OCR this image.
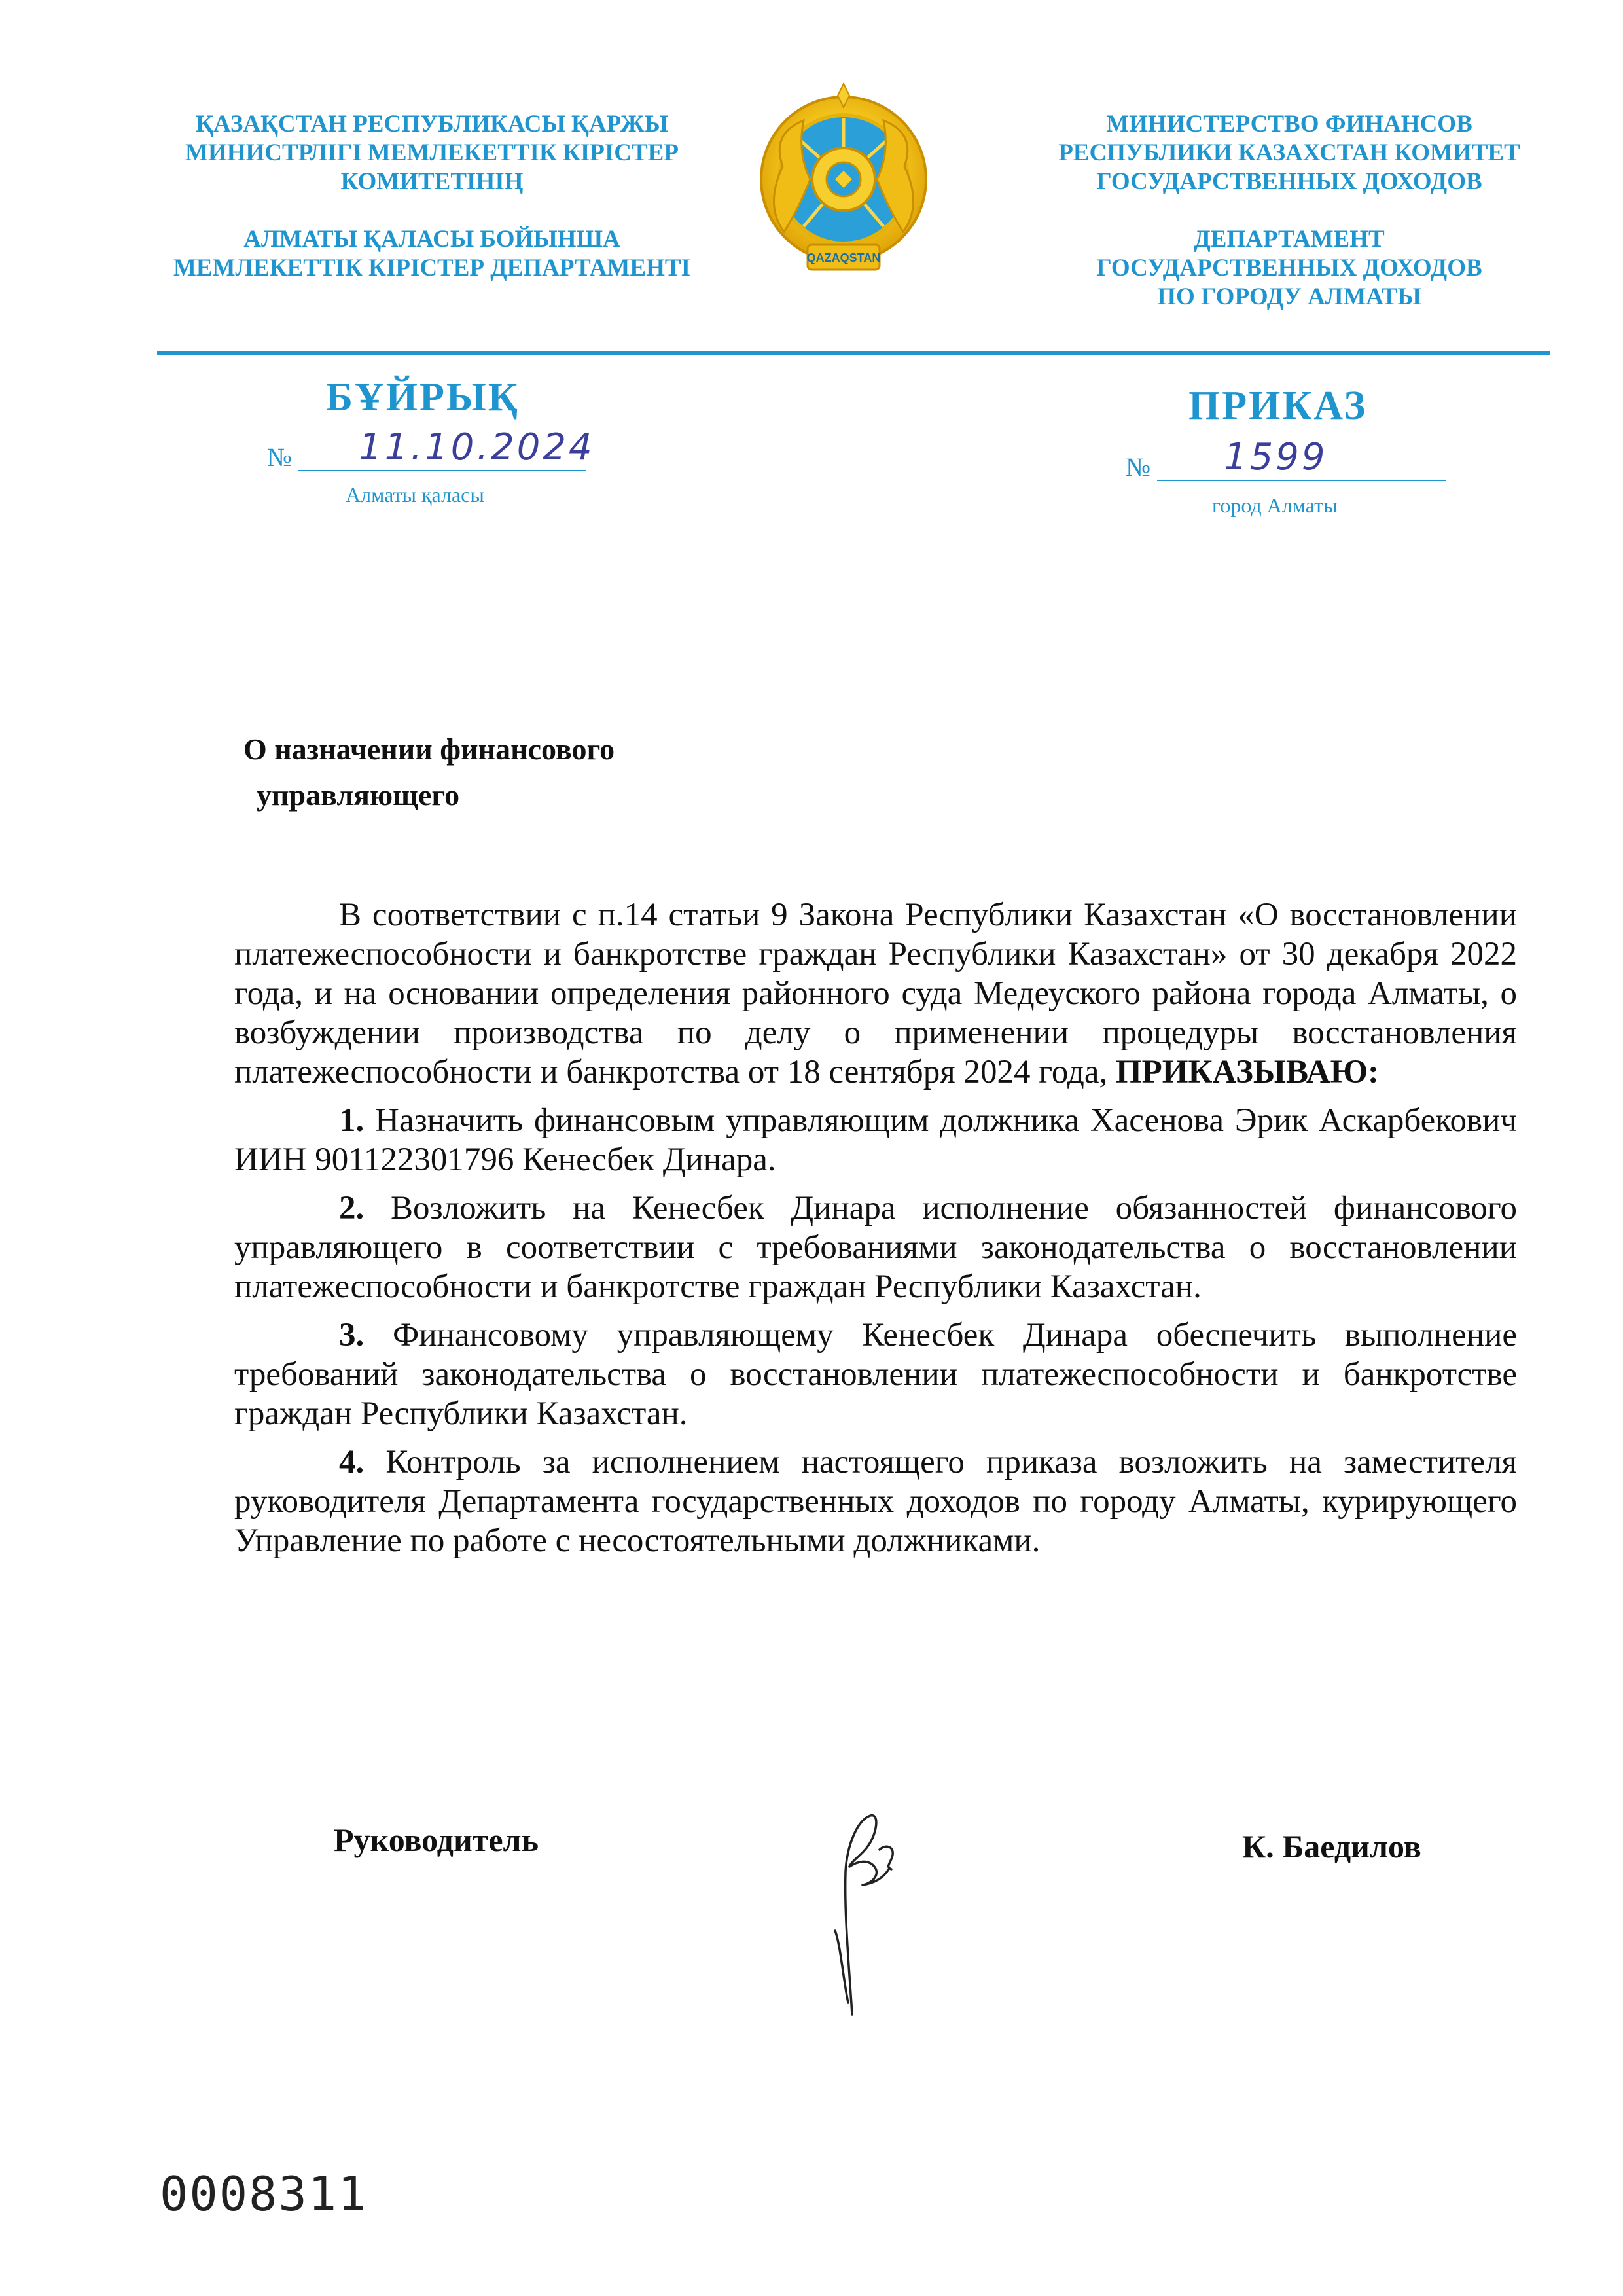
ҚАЗАҚСТАН РЕСПУБЛИКАСЫ ҚАРЖЫ
МИНИСТРЛІГІ МЕМЛЕКЕТТІК КІРІСТЕР
КОМИТЕТІНІҢ
АЛМАТЫ ҚАЛАСЫ БОЙЫНША
МЕМЛЕКЕТТІК КІРІСТЕР ДЕПАРТАМЕНТІ	QAZAQSTAN
МИНИСТЕРСТВО ФИНАНСОВ
РЕСПУБЛИКИ КАЗАХСТАН КОМИТЕТ
ГОСУДАРСТВЕННЫХ ДОХОДОВ
ДЕПАРТАМЕНТ
ГОСУДАРСТВЕННЫХ ДОХОДОВ
ПО ГОРОДУ АЛМАТЫ
БҰЙРЫҚ	ПРИКАЗ
№ 11.10.2024	№ 1599
Алматы қаласы	город Алматы
О назначении финансового
управляющего

В соответствии с п.14 статьи 9 Закона Республики Казахстан «О восстановлении платежеспособности и банкротстве граждан Республики Казахстан» от 30 декабря 2022 года, и на основании определения районного суда Медеуского района города Алматы, о возбуждении производства по делу о применении процедуры восстановления платежеспособности и банкротства от 18 сентября 2024 года, ПРИКАЗЫВАЮ:

1. Назначить финансовым управляющим должника Хасенова Эрик Аскарбекович ИИН 901122301796 Кенесбек Динара.

2. Возложить на Кенесбек Динара исполнение обязанностей финансового управляющего в соответствии с требованиями законодательства о восстановлении платежеспособности и банкротстве граждан Республики Казахстан.

3. Финансовому управляющему Кенесбек Динара обеспечить выполнение требований законодательства о восстановлении платежеспособности и банкротстве граждан Республики Казахстан.

4. Контроль за исполнением настоящего приказа возложить на заместителя руководителя Департамента государственных доходов по городу Алматы, курирующего Управление по работе с несостоятельными должниками.

Руководитель	К. Баедилов
0008311
